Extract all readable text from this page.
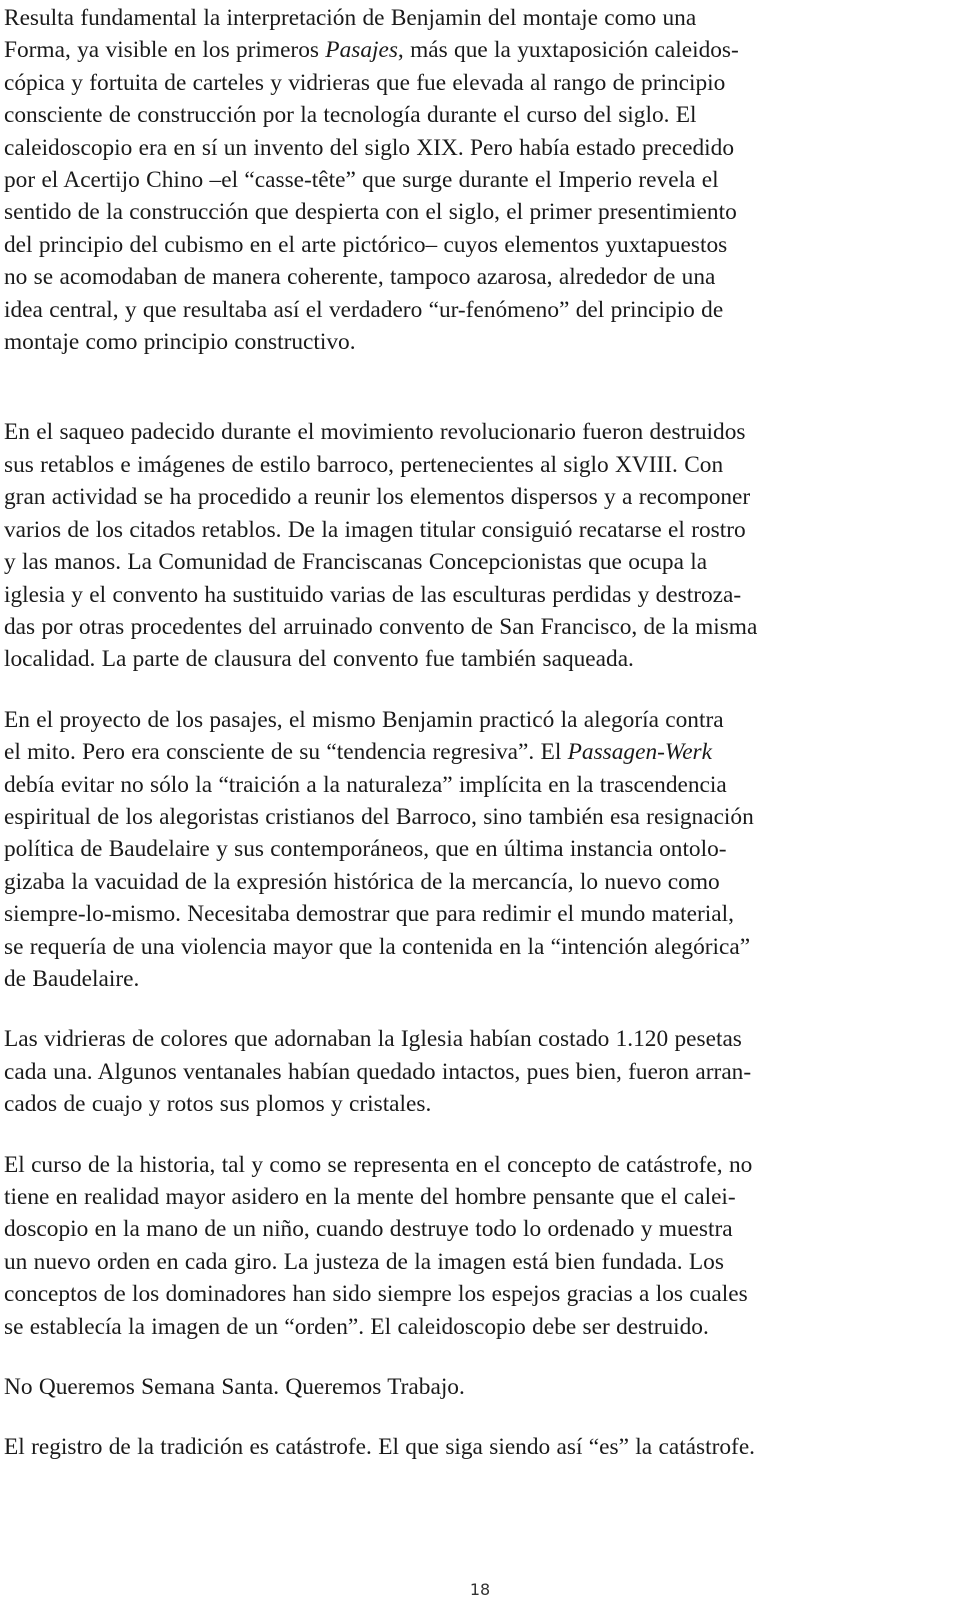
Resulta fundamental la interpretación de Benjamin del montaje como una
Forma, ya visible en los primeros Pasajes, más que la yuxtaposición caleidos-
cópica y fortuita de carteles y vidrieras que fue elevada al rango de principio
consciente de construcción por la tecnología durante el curso del siglo. El
caleidoscopio era en sí un invento del siglo XIX. Pero había estado precedido
por el Acertijo Chino –el “casse-tête” que surge durante el Imperio revela el
sentido de la construcción que despierta con el siglo, el primer presentimiento
del principio del cubismo en el arte pictórico– cuyos elementos yuxtapuestos
no se acomodaban de manera coherente, tampoco azarosa, alrededor de una
idea central, y que resultaba así el verdadero “ur-fenómeno” del principio de
montaje como principio constructivo.

En el saqueo padecido durante el movimiento revolucionario fueron destruidos
sus retablos e imágenes de estilo barroco, pertenecientes al siglo XVIII. Con
gran actividad se ha procedido a reunir los elementos dispersos y a recomponer
varios de los citados retablos. De la imagen titular consiguió recatarse el rostro
y las manos. La Comunidad de Franciscanas Concepcionistas que ocupa la
iglesia y el convento ha sustituido varias de las esculturas perdidas y destroza-
das por otras procedentes del arruinado convento de San Francisco, de la misma
localidad. La parte de clausura del convento fue también saqueada.

En el proyecto de los pasajes, el mismo Benjamin practicó la alegoría contra
el mito. Pero era consciente de su “tendencia regresiva”. El Passagen-Werk
debía evitar no sólo la “traición a la naturaleza” implícita en la trascendencia
espiritual de los alegoristas cristianos del Barroco, sino también esa resignación
política de Baudelaire y sus contemporáneos, que en última instancia ontolo-
gizaba la vacuidad de la expresión histórica de la mercancía, lo nuevo como
siempre-lo-mismo. Necesitaba demostrar que para redimir el mundo material,
se requería de una violencia mayor que la contenida en la “intención alegórica”
de Baudelaire.

Las vidrieras de colores que adornaban la Iglesia habían costado 1.120 pesetas
cada una. Algunos ventanales habían quedado intactos, pues bien, fueron arran-
cados de cuajo y rotos sus plomos y cristales.

El curso de la historia, tal y como se representa en el concepto de catástrofe, no
tiene en realidad mayor asidero en la mente del hombre pensante que el calei-
doscopio en la mano de un niño, cuando destruye todo lo ordenado y muestra
un nuevo orden en cada giro. La justeza de la imagen está bien fundada. Los
conceptos de los dominadores han sido siempre los espejos gracias a los cuales
se establecía la imagen de un “orden”. El caleidoscopio debe ser destruido.

No Queremos Semana Santa. Queremos Trabajo.

El registro de la tradición es catástrofe. El que siga siendo así “es” la catástrofe.

18
